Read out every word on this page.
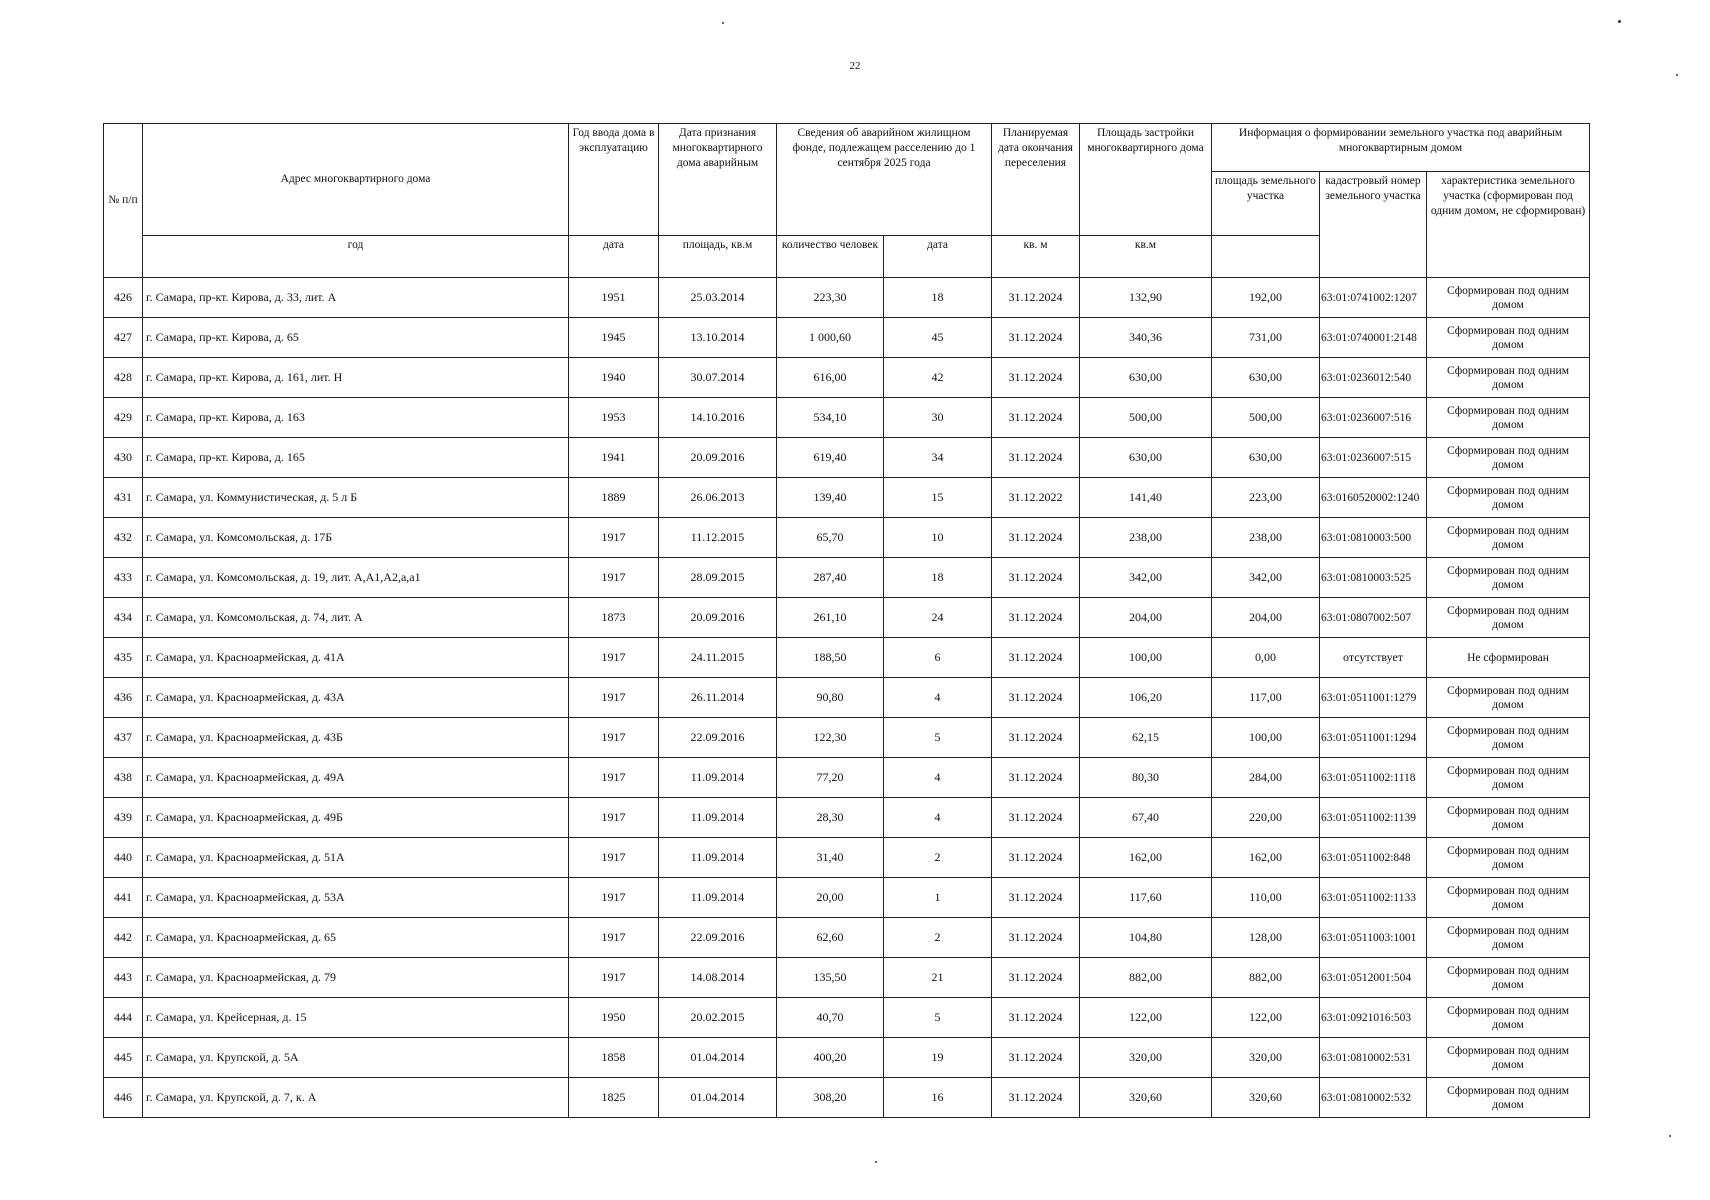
22
№ п/п	Адрес многоквартирного дома	Год ввода дома в эксплуатацию	Дата признания многоквартирного дома аварийным	Сведения об аварийном жилищном фонде, подлежащем расселению до 1 сентября 2025 года		Планируемая дата окончания переселения	Площадь застройки многоквартирного дома	Информация о формировании земельного участка под аварийным многоквартирным домом		
								площадь земельного участка	кадастровый номер земельного участка	характеристика земельного участка (сформирован под одним домом, не сформирован)
	год	дата	площадь, кв.м	количество человек	дата	кв. м	кв.м			
426	г. Самара, пр-кт. Кирова, д. 33, лит. А	1951	25.03.2014	223,30	18	31.12.2024	132,90	192,00	63:01:0741002:1207	Сформирован под одним домом
427	г. Самара, пр-кт. Кирова, д. 65	1945	13.10.2014	1 000,60	45	31.12.2024	340,36	731,00	63:01:0740001:2148	Сформирован под одним домом
428	г. Самара, пр-кт. Кирова, д. 161, лит. Н	1940	30.07.2014	616,00	42	31.12.2024	630,00	630,00	63:01:0236012:540	Сформирован под одним домом
429	г. Самара, пр-кт. Кирова, д. 163	1953	14.10.2016	534,10	30	31.12.2024	500,00	500,00	63:01:0236007:516	Сформирован под одним домом
430	г. Самара, пр-кт. Кирова, д. 165	1941	20.09.2016	619,40	34	31.12.2024	630,00	630,00	63:01:0236007:515	Сформирован под одним домом
431	г. Самара, ул. Коммунистическая, д. 5 л Б	1889	26.06.2013	139,40	15	31.12.2022	141,40	223,00	63:0160520002:1240	Сформирован под одним домом
432	г. Самара, ул. Комсомольская, д. 17Б	1917	11.12.2015	65,70	10	31.12.2024	238,00	238,00	63:01:0810003:500	Сформирован под одним домом
433	г. Самара, ул. Комсомольская, д. 19, лит. А,А1,А2,а,а1	1917	28.09.2015	287,40	18	31.12.2024	342,00	342,00	63:01:0810003:525	Сформирован под одним домом
434	г. Самара, ул. Комсомольская, д. 74, лит. А	1873	20.09.2016	261,10	24	31.12.2024	204,00	204,00	63:01:0807002:507	Сформирован под одним домом
435	г. Самара, ул. Красноармейская, д. 41А	1917	24.11.2015	188,50	6	31.12.2024	100,00	0,00	отсутствует	Не сформирован
436	г. Самара, ул. Красноармейская, д. 43А	1917	26.11.2014	90,80	4	31.12.2024	106,20	117,00	63:01:0511001:1279	Сформирован под одним домом
437	г. Самара, ул. Красноармейская, д. 43Б	1917	22.09.2016	122,30	5	31.12.2024	62,15	100,00	63:01:0511001:1294	Сформирован под одним домом
438	г. Самара, ул. Красноармейская, д. 49А	1917	11.09.2014	77,20	4	31.12.2024	80,30	284,00	63:01:0511002:1118	Сформирован под одним домом
439	г. Самара, ул. Красноармейская, д. 49Б	1917	11.09.2014	28,30	4	31.12.2024	67,40	220,00	63:01:0511002:1139	Сформирован под одним домом
440	г. Самара, ул. Красноармейская, д. 51А	1917	11.09.2014	31,40	2	31.12.2024	162,00	162,00	63:01:0511002:848	Сформирован под одним домом
441	г. Самара, ул. Красноармейская, д. 53А	1917	11.09.2014	20,00	1	31.12.2024	117,60	110,00	63:01:0511002:1133	Сформирован под одним домом
442	г. Самара, ул. Красноармейская, д. 65	1917	22.09.2016	62,60	2	31.12.2024	104,80	128,00	63:01:0511003:1001	Сформирован под одним домом
443	г. Самара, ул. Красноармейская, д. 79	1917	14.08.2014	135,50	21	31.12.2024	882,00	882,00	63:01:0512001:504	Сформирован под одним домом
444	г. Самара, ул. Крейсерная, д. 15	1950	20.02.2015	40,70	5	31.12.2024	122,00	122,00	63:01:0921016:503	Сформирован под одним домом
445	г. Самара, ул. Крупской, д. 5А	1858	01.04.2014	400,20	19	31.12.2024	320,00	320,00	63:01:0810002:531	Сформирован под одним домом
446	г. Самара, ул. Крупской, д. 7, к. А	1825	01.04.2014	308,20	16	31.12.2024	320,60	320,60	63:01:0810002:532	Сформирован под одним домом
